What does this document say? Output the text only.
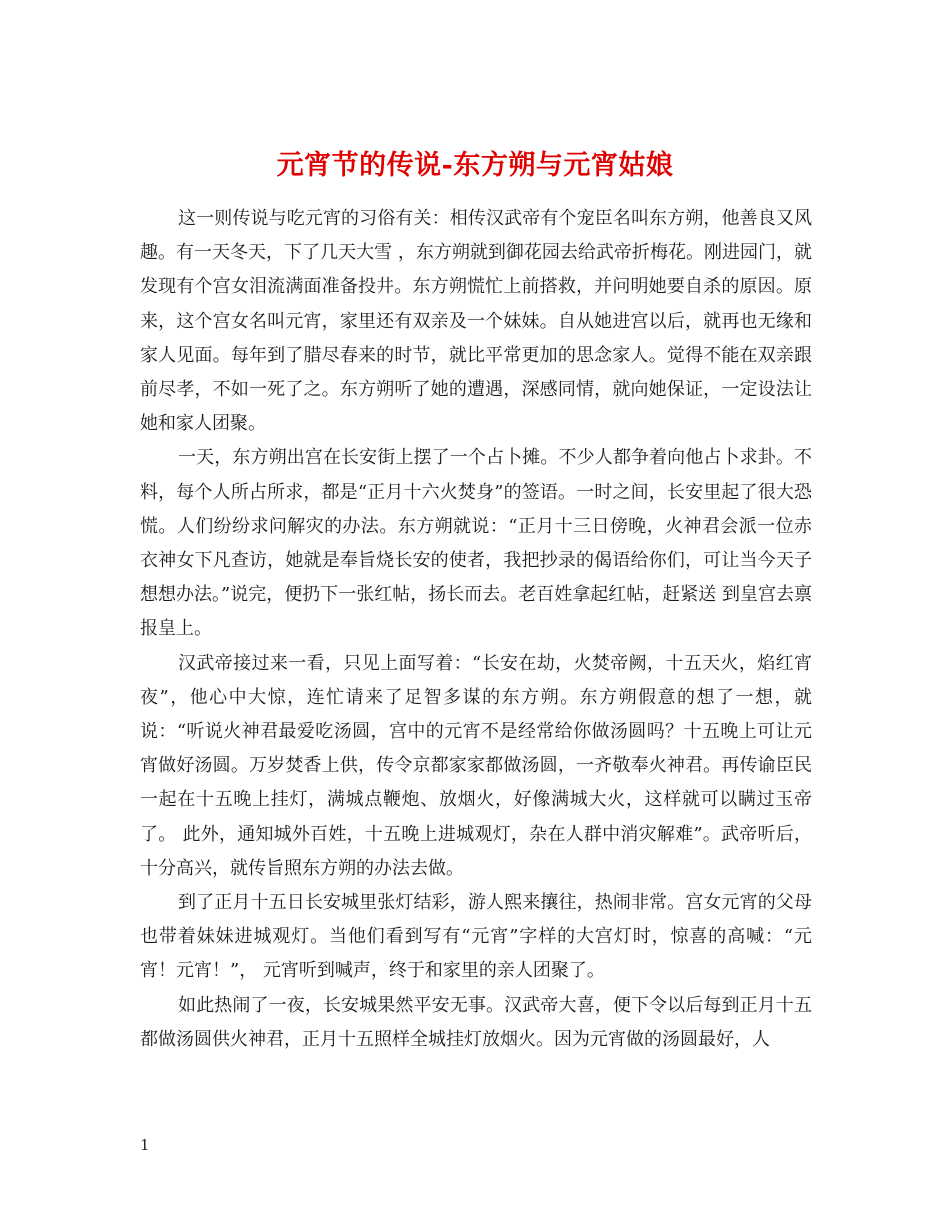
元宵节的传说-东方朔与元宵姑娘

这一则传说与吃元宵的习俗有关：相传汉武帝有个宠臣名叫东方朔，他善良又风趣。有一天冬天，下了几天大雪 ，东方朔就到御花园去给武帝折梅花。刚进园门，就发现有个宫女泪流满面准备投井。东方朔慌忙上前搭救，并问明她要自杀的原因。原来，这个宫女名叫元宵，家里还有双亲及一个妹妹。自从她进宫以后，就再也无缘和家人见面。每年到了腊尽春来的时节，就比平常更加的思念家人。觉得不能在双亲跟前尽孝，不如一死了之。东方朔听了她的遭遇，深感同情，就向她保证，一定设法让她和家人团聚。

一天，东方朔出宫在长安街上摆了一个占卜摊。不少人都争着向他占卜求卦。不料，每个人所占所求，都是“正月十六火焚身”的签语。一时之间，长安里起了很大恐慌。人们纷纷求问解灾的办法。东方朔就说：“正月十三日傍晚，火神君会派一位赤衣神女下凡查访，她就是奉旨烧长安的使者，我把抄录的偈语给你们，可让当今天子想想办法。”说完，便扔下一张红帖，扬长而去。老百姓拿起红帖，赶紧送 到皇宫去禀报皇上。

汉武帝接过来一看，只见上面写着：“长安在劫，火焚帝阙，十五天火，焰红宵夜”，他心中大惊，连忙请来了足智多谋的东方朔。东方朔假意的想了一想，就说：“听说火神君最爱吃汤圆，宫中的元宵不是经常给你做汤圆吗？十五晚上可让元宵做好汤圆。万岁焚香上供，传令京都家家都做汤圆，一齐敬奉火神君。再传谕臣民一起在十五晚上挂灯，满城点鞭炮、放烟火，好像满城大火，这样就可以瞒过玉帝了。 此外，通知城外百姓，十五晚上进城观灯，杂在人群中消灾解难”。武帝听后，十分高兴，就传旨照东方朔的办法去做。

到了正月十五日长安城里张灯结彩，游人熙来攘往，热闹非常。宫女元宵的父母也带着妹妹进城观灯。当他们看到写有“元宵”字样的大宫灯时，惊喜的高喊：“元宵！元宵！”， 元宵听到喊声，终于和家里的亲人团聚了。

如此热闹了一夜，长安城果然平安无事。汉武帝大喜，便下令以后每到正月十五都做汤圆供火神君，正月十五照样全城挂灯放烟火。因为元宵做的汤圆最好，人

1
